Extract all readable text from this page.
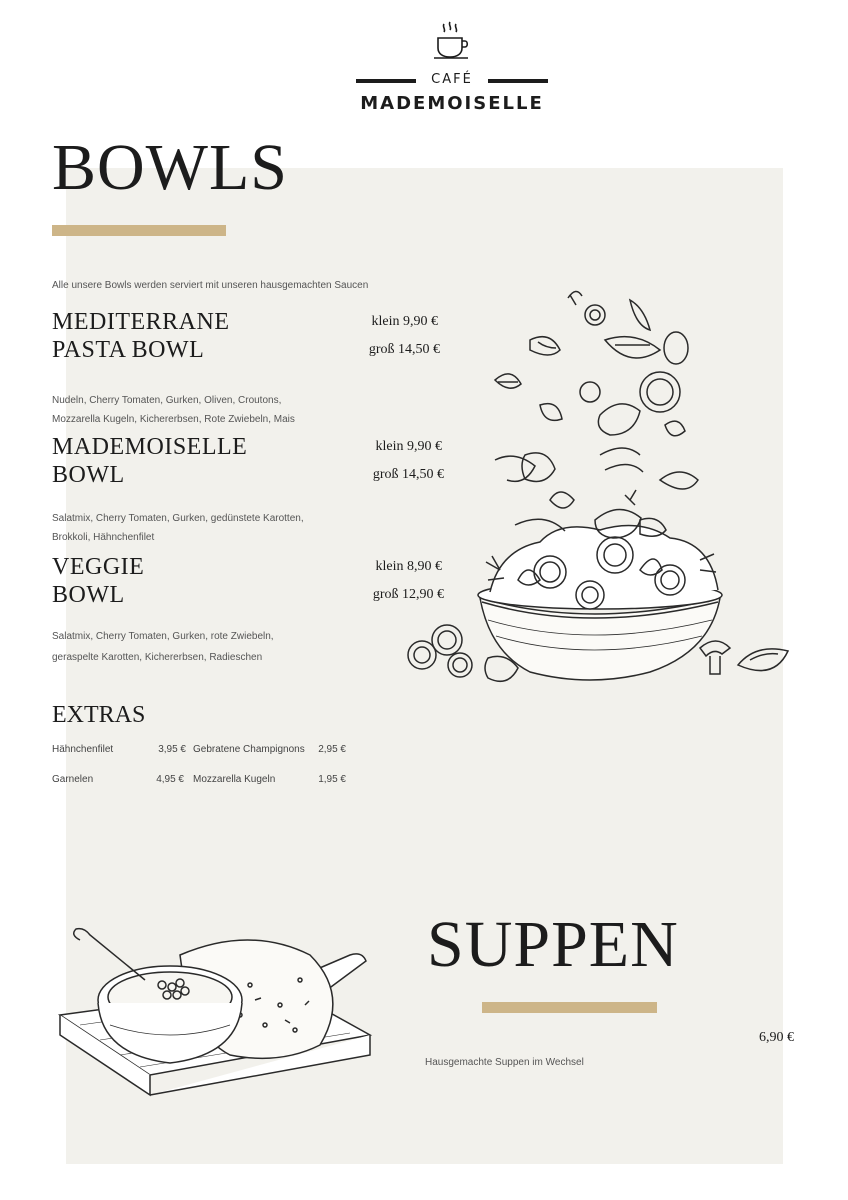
CAFÉ
MADEMOISELLE
BOWLS
Alle unsere Bowls werden serviert mit unseren hausgemachten Saucen
MEDITERRANE
PASTA BOWL
klein 9,90 €
groß 14,50 €
Nudeln, Cherry Tomaten, Gurken, Oliven, Croutons,
Mozzarella Kugeln, Kichererbsen, Rote Zwiebeln, Mais
MADEMOISELLE
BOWL
klein 9,90 €
groß 14,50 €
Salatmix, Cherry Tomaten, Gurken, gedünstete Karotten,
Brokkoli, Hähnchenfilet
VEGGIE
BOWL
klein 8,90 €
groß 12,90 €
Salatmix, Cherry Tomaten, Gurken, rote Zwiebeln,
geraspelte Karotten, Kichererbsen, Radieschen
EXTRAS
Hähnchenfilet	3,95 € Gebratene Champignons	2,95 €
Garnelen	4,95 € Mozzarella Kugeln	1,95 €
SUPPEN
6,90 €
Hausgemachte Suppen im Wechsel
